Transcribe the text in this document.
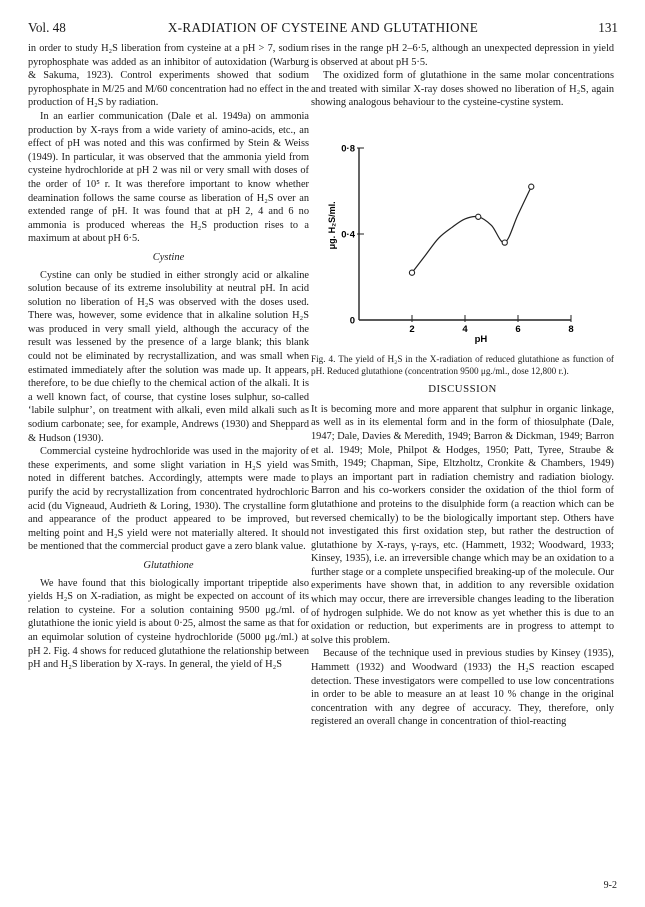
Vol. 48	X-RADIATION OF CYSTEINE AND GLUTATHIONE	131

in order to study H₂S liberation from cysteine at a pH > 7, sodium pyrophosphate was added as an inhibitor of autoxidation (Warburg & Sakuma, 1923). Control experiments showed that sodium pyrophosphate in M/25 and M/60 concentration had no effect in the production of H₂S by radiation.

In an earlier communication (Dale et al. 1949a) on ammonia production by X-rays from a wide variety of amino-acids, etc., an effect of pH was noted and this was confirmed by Stein & Weiss (1949). In particular, it was observed that the ammonia yield from cysteine hydrochloride at pH 2 was nil or very small with doses of the order of 10⁵ r. It was therefore important to know whether deamination follows the same course as liberation of H₂S over an extended range of pH. It was found that at pH 2, 4 and 6 no ammonia is produced whereas the H₂S production rises to a maximum at about pH 6·5.

Cystine

Cystine can only be studied in either strongly acid or alkaline solution because of its extreme insolubility at neutral pH. In acid solution no liberation of H₂S was observed with the doses used. There was, however, some evidence that in alkaline solution H₂S was produced in very small yield, although the accuracy of the result was lessened by the presence of a large blank; this blank could not be eliminated by recrystallization, and was small when estimated immediately after the solution was made up. It appears, therefore, to be due chiefly to the chemical action of the alkali. It is a well known fact, of course, that cystine loses sulphur, so-called ‘labile sulphur’, on treatment with alkali, even mild alkali such as sodium carbonate; see, for example, Andrews (1930) and Sheppard & Hudson (1930).

Commercial cysteine hydrochloride was used in the majority of these experiments, and some slight variation in H₂S yield was noted in different batches. Accordingly, attempts were made to purify the acid by recrystallization from concentrated hydrochloric acid (du Vigneaud, Audrieth & Loring, 1930). The crystalline form and appearance of the product appeared to be improved, but melting point and H₂S yield were not materially altered. It should be mentioned that the commercial product gave a zero blank value.

Glutathione

We have found that this biologically important tripeptide also yields H₂S on X-radiation, as might be expected on account of its relation to cysteine. For a solution containing 9500 μg./ml. of glutathione the ionic yield is about 0·25, almost the same as that for an equimolar solution of cysteine hydrochloride (5000 μg./ml.) at pH 2. Fig. 4 shows for reduced glutathione the relationship between pH and H₂S liberation by X-rays. In general, the yield of H₂S

rises in the range pH 2–6·5, although an unexpected depression in yield is observed at about pH 5·5.

The oxidized form of glutathione in the same molar concentrations and treated with similar X-ray doses showed no liberation of H₂S, again showing analogous behaviour to the cysteine-cystine system.

2	4	6	8
0
0·4
0·8
pH
μg. H₂S/ml.

Fig. 4. The yield of H₂S in the X-radiation of reduced glutathione as function of pH. Reduced glutathione (concentration 9500 μg./ml., dose 12,800 r.).

DISCUSSION

It is becoming more and more apparent that sulphur in organic linkage, as well as in its elemental form and in the form of thiosulphate (Dale, 1947; Dale, Davies & Meredith, 1949; Barron & Dickman, 1949; Barron et al. 1949; Mole, Philpot & Hodges, 1950; Patt, Tyree, Straube & Smith, 1949; Chapman, Sipe, Eltzholtz, Cronkite & Chambers, 1949) plays an important part in radiation chemistry and radiation biology. Barron and his co-workers consider the oxidation of the thiol form of glutathione and proteins to the disulphide form (a reaction which can be reversed chemically) to be the biologically important step. Others have not investigated this first oxidation step, but rather the destruction of glutathione by X-rays, γ-rays, etc. (Hammett, 1932; Woodward, 1933; Kinsey, 1935), i.e. an irreversible change which may be an oxidation to a further stage or a complete unspecified breaking-up of the molecule. Our experiments have shown that, in addition to any reversible oxidation which may occur, there are irreversible changes leading to the liberation of hydrogen sulphide. We do not know as yet whether this is due to an oxidation or reduction, but experiments are in progress to attempt to solve this problem.

Because of the technique used in previous studies by Kinsey (1935), Hammett (1932) and Woodward (1933) the H₂S reaction escaped detection. These investigators were compelled to use low concentrations in order to be able to measure an at least 10 % change in the original concentration with any degree of accuracy. They, therefore, only registered an overall change in concentration of thiol-reacting

9-2
